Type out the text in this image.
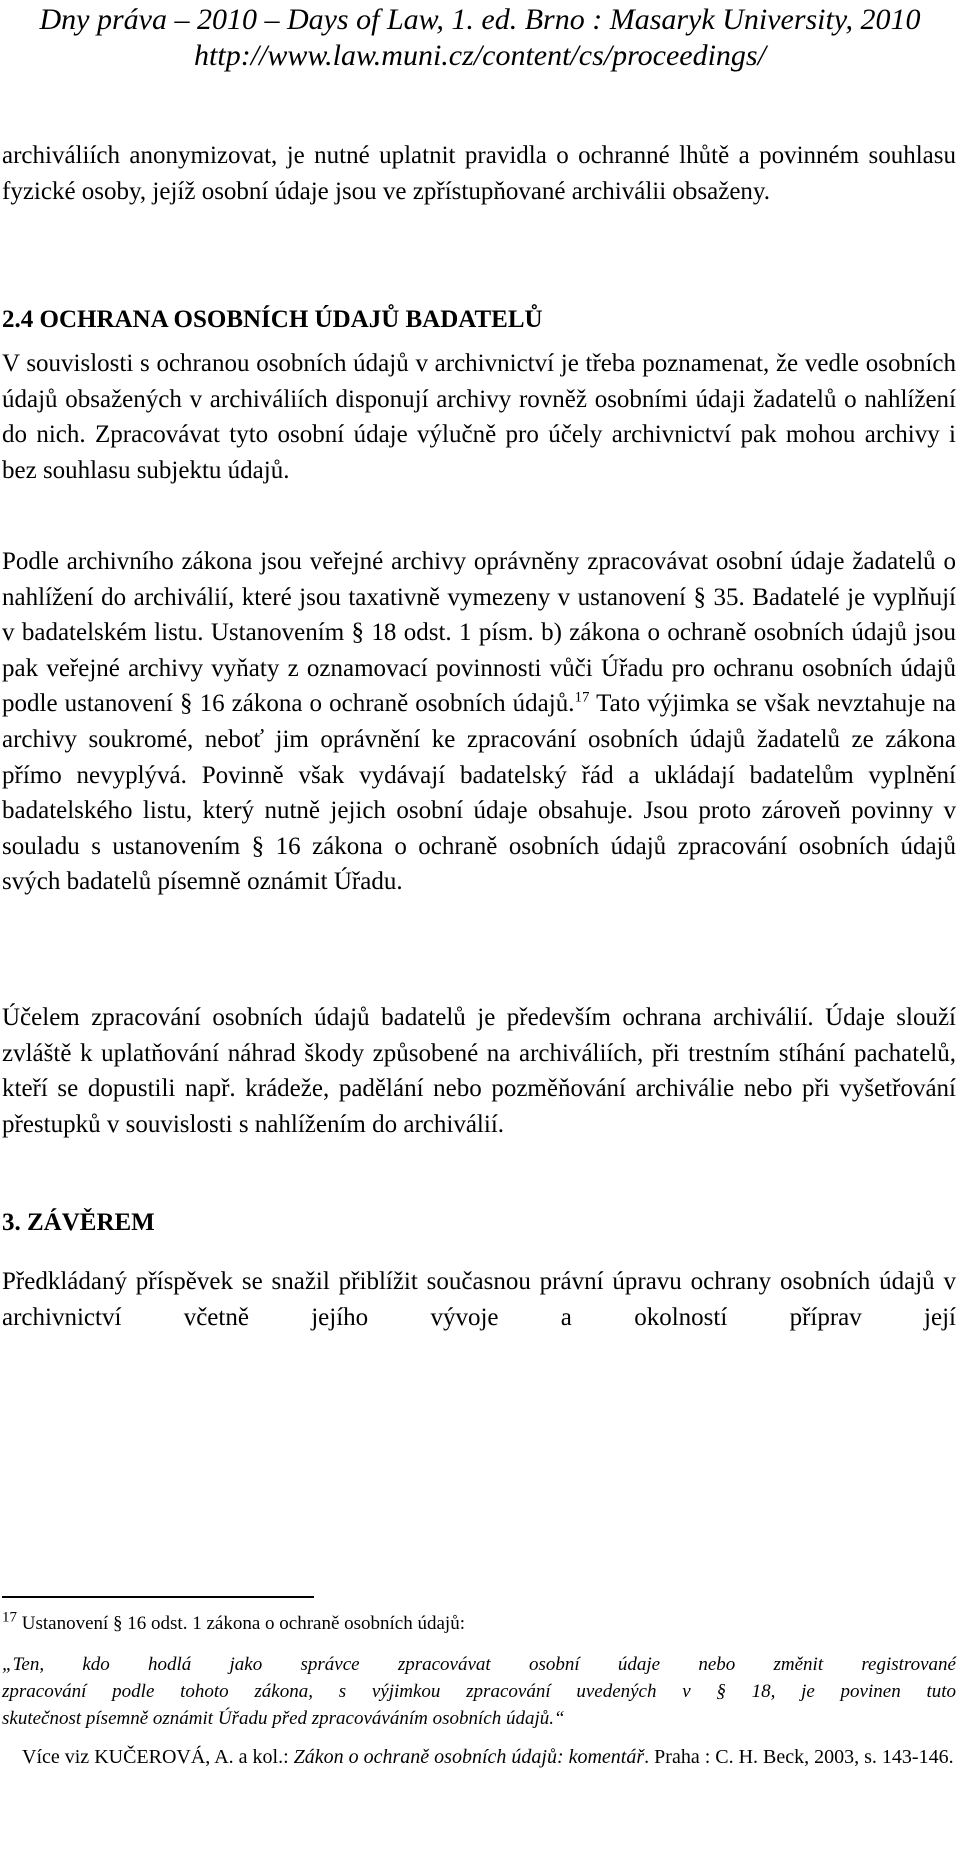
Dny práva – 2010 – Days of Law, 1. ed. Brno : Masaryk University, 2010
http://www.law.muni.cz/content/cs/proceedings/

archiváliích anonymizovat, je nutné uplatnit pravidla o ochranné lhůtě a povinném souhlasu fyzické osoby, jejíž osobní údaje jsou ve zpřístupňované archiválii obsaženy.

2.4 OCHRANA OSOBNÍCH ÚDAJŮ BADATELŮ

V souvislosti s ochranou osobních údajů v archivnictví je třeba poznamenat, že vedle osobních údajů obsažených v archiváliích disponují archivy rovněž osobními údaji žadatelů o nahlížení do nich. Zpracovávat tyto osobní údaje výlučně pro účely archivnictví pak mohou archivy i bez souhlasu subjektu údajů.

Podle archivního zákona jsou veřejné archivy oprávněny zpracovávat osobní údaje žadatelů o nahlížení do archiválií, které jsou taxativně vymezeny v ustanovení § 35. Badatelé je vyplňují v badatelském listu. Ustanovením § 18 odst. 1 písm. b) zákona o ochraně osobních údajů jsou pak veřejné archivy vyňaty z oznamovací povinnosti vůči Úřadu pro ochranu osobních údajů podle ustanovení § 16 zákona o ochraně osobních údajů.$^{17}$ Tato výjimka se však nevztahuje na archivy soukromé, neboť jim oprávnění ke zpracování osobních údajů žadatelů ze zákona přímo nevyplývá. Povinně však vydávají badatelský řád a ukládají badatelům vyplnění badatelského listu, který nutně jejich osobní údaje obsahuje. Jsou proto zároveň povinny v souladu s ustanovením § 16 zákona o ochraně osobních údajů zpracování osobních údajů svých badatelů písemně oznámit Úřadu.

Účelem zpracování osobních údajů badatelů je především ochrana archiválií. Údaje slouží zvláště k uplatňování náhrad škody způsobené na archiváliích, při trestním stíhání pachatelů, kteří se dopustili např. krádeže, padělání nebo pozměňování archiválie nebo při vyšetřování přestupků v souvislosti s nahlížením do archiválií.

3. ZÁVĚREM

Předkládaný příspěvek se snažil přiblížit současnou právní úpravu ochrany osobních údajů v archivnictví včetně jejího vývoje a okolností příprav její

$^{17}$ Ustanovení § 16 odst. 1 zákona o ochraně osobních údajů:
„Ten, kdo hodlá jako správce zpracovávat osobní údaje nebo změnit registrované
zpracování podle tohoto zákona, s výjimkou zpracování uvedených v § 18, je povinen tuto
skutečnost písemně oznámit Úřadu před zpracováváním osobních údajů.“
Více viz KUČEROVÁ, A. a kol.: Zákon o ochraně osobních údajů: komentář. Praha : C. H. Beck, 2003, s. 143-146.
